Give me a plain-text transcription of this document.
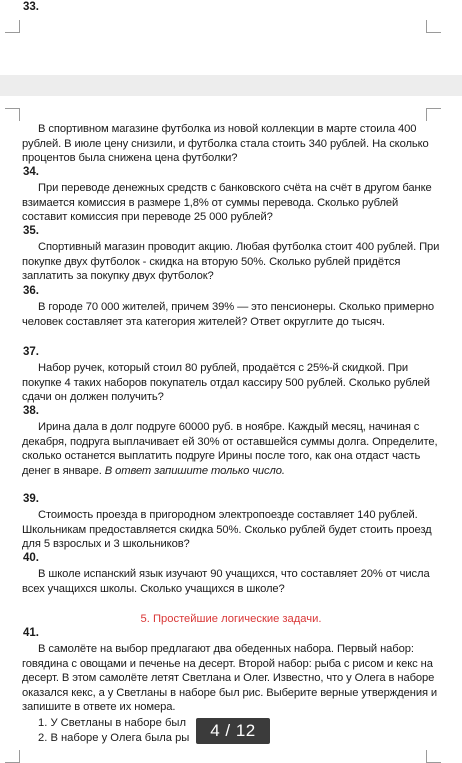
33.

В спортивном магазине футболка из новой коллекции в марте стоила 400 рублей. В июле цену снизили, и футболка стала стоить 340 рублей. На сколько процентов была снижена цена футболки?

34.

При переводе денежных средств с банковского счёта на счёт в другом банке взимается комиссия в размере 1,8% от суммы перевода. Сколько рублей составит комиссия при переводе 25 000 рублей?

35.

Спортивный магазин проводит акцию. Любая футболка стоит 400 рублей. При покупке двух футболок - скидка на вторую 50%. Сколько рублей придётся заплатить за покупку двух футболок?

36.

В городе 70 000 жителей, причем 39% — это пенсионеры. Сколько примерно человек составляет эта категория жителей? Ответ округлите до тысяч.

37.

Набор ручек, который стоил 80 рублей, продаётся с 25%-й скидкой. При покупке 4 таких наборов покупатель отдал кассиру 500 рублей. Сколько рублей сдачи он должен получить?

38.

Ирина дала в долг подруге 60000 руб. в ноябре. Каждый месяц, начиная с декабря, подруга выплачивает ей 30% от оставшейся суммы долга. Определите, сколько останется выплатить подруге Ирины после того, как она отдаст часть денег в январе. В ответ запишите только число.

39.

Стоимость проезда в пригородном электропоезде составляет 140 рублей. Школьникам предоставляется скидка 50%. Сколько рублей будет стоить проезд для 5 взрослых и 3 школьников?

40.

В школе испанский язык изучают 90 учащихся, что составляет 20% от числа всех учащихся школы. Сколько учащихся в школе?

5. Простейшие логические задачи.
41.

В самолёте на выбор предлагают два обеденных набора. Первый набор: говядина с овощами и печенье на десерт. Второй набор: рыба с рисом и кекс на десерт. В этом самолёте летят Светлана и Олег. Известно, что у Олега в наборе оказался кекс, а у Светланы в наборе был рис. Выберите верные утверждения и запишите в ответе их номера.

1. У Светланы в наборе был
2. В наборе у Олега была ры	4 / 12
